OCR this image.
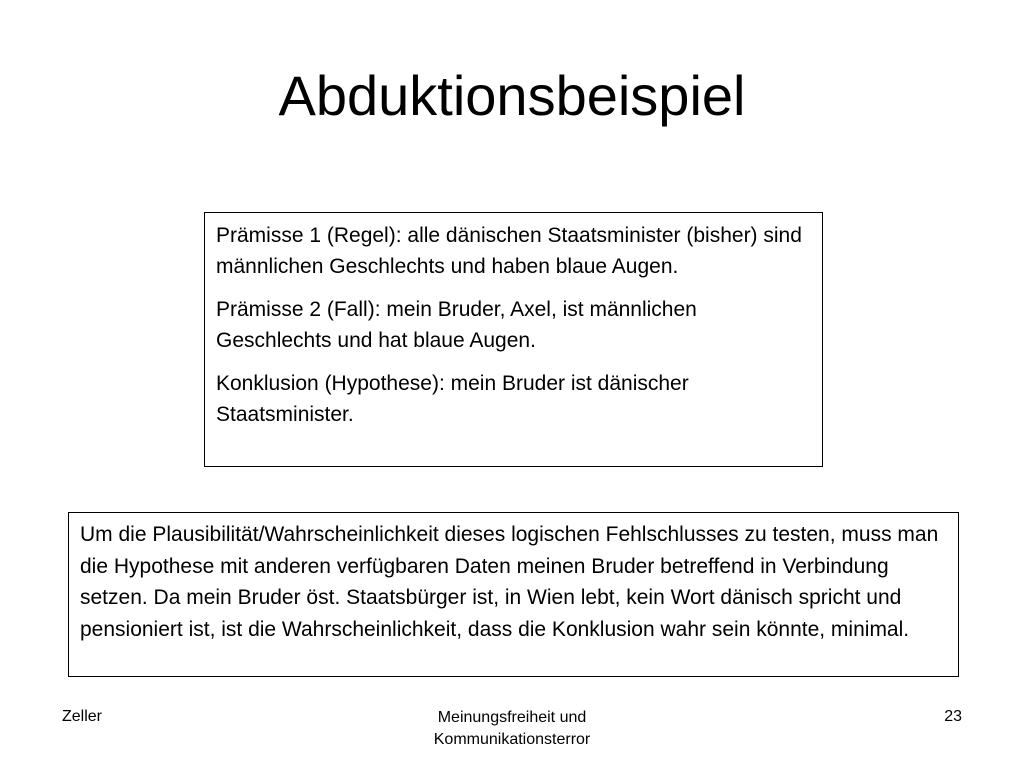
Abduktionsbeispiel

Prämisse 1 (Regel): alle dänischen Staatsminister (bisher) sind männlichen Geschlechts und haben blaue Augen.

Prämisse 2 (Fall): mein Bruder, Axel, ist männlichen Geschlechts und hat blaue Augen.

Konklusion (Hypothese): mein Bruder ist dänischer Staatsminister.

Um die Plausibilität/Wahrscheinlichkeit dieses logischen Fehlschlusses zu testen, muss man die Hypothese mit anderen verfügbaren Daten meinen Bruder betreffend in Verbindung setzen. Da mein Bruder öst. Staatsbürger ist, in Wien lebt, kein Wort dänisch spricht und pensioniert ist, ist die Wahrscheinlichkeit, dass die Konklusion wahr sein könnte, minimal.

Zeller	Meinungsfreiheit und
Kommunikationsterror
23
